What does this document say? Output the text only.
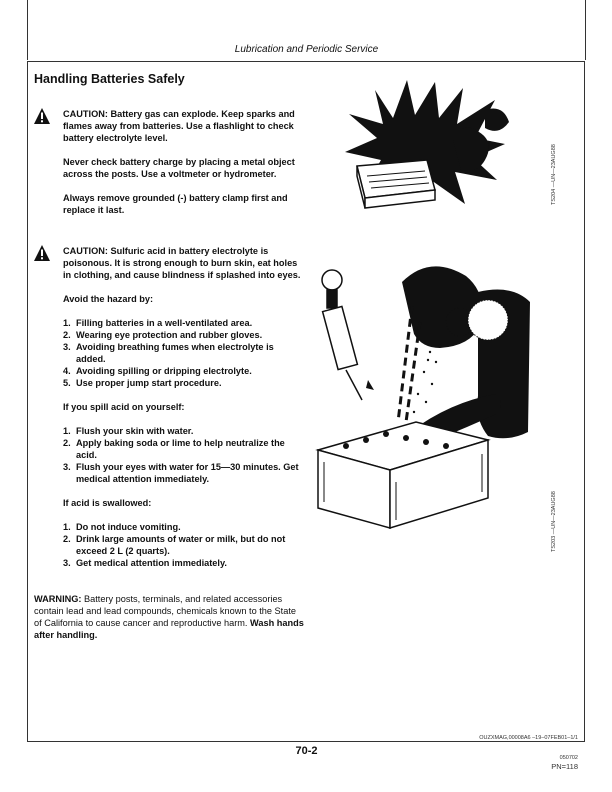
Lubrication and Periodic Service
Handling Batteries Safely

CAUTION: Battery gas can explode. Keep sparks and flames away from batteries. Use a flashlight to check battery electrolyte level.

Never check battery charge by placing a metal object across the posts. Use a voltmeter or hydrometer.

Always remove grounded (-) battery clamp first and replace it last.

CAUTION: Sulfuric acid in battery electrolyte is poisonous. It is strong enough to burn skin, eat holes in clothing, and cause blindness if splashed into eyes.

Avoid the hazard by:

1. Filling batteries in a well-ventilated area.
2. Wearing eye protection and rubber gloves.
3. Avoiding breathing fumes when electrolyte is added.
4. Avoiding spilling or dripping electrolyte.
5. Use proper jump start procedure.

If you spill acid on yourself:

1. Flush your skin with water.
2. Apply baking soda or lime to help neutralize the acid.
3. Flush your eyes with water for 15—30 minutes. Get medical attention immediately.

If acid is swallowed:

1. Do not induce vomiting.
2. Drink large amounts of water or milk, but do not exceed 2 L (2 quarts).
3. Get medical attention immediately.
WARNING: Battery posts, terminals, and related accessories contain lead and lead compounds, chemicals known to the State of California to cause cancer and reproductive harm. Wash hands after handling.
TS204 —UN—23AUG88
TS203 —UN—23AUG88
OUZXMAG,00008A6 –19–07FEB01–1/1
70-2
050702
PN=118
